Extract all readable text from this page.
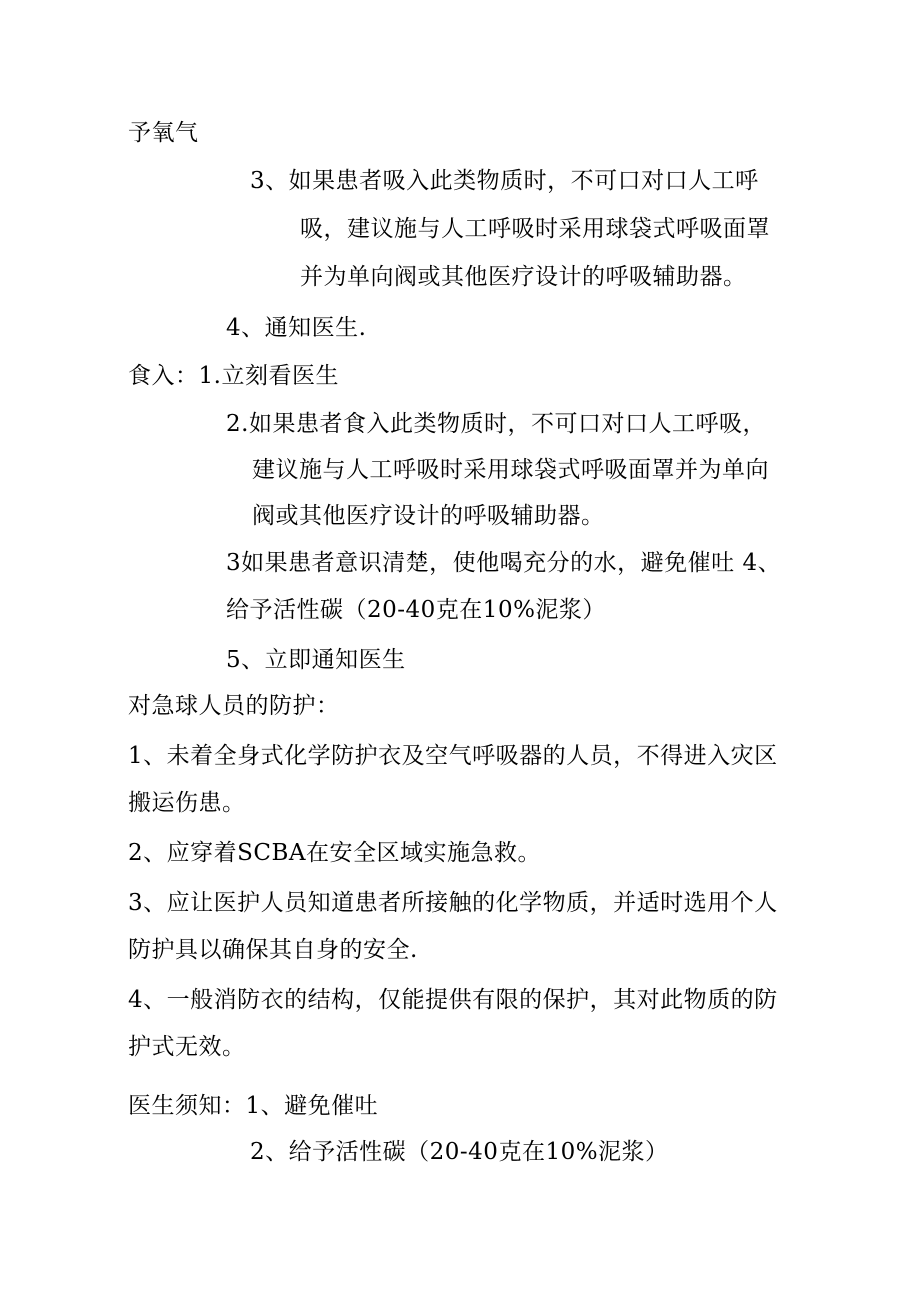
予氧气
3、如果患者吸入此类物质时，不可口对口人工呼
吸，建议施与人工呼吸时采用球袋式呼吸面罩
并为单向阀或其他医疗设计的呼吸辅助器。
4、通知医生.
食入：1.立刻看医生
2.如果患者食入此类物质时，不可口对口人工呼吸，
建议施与人工呼吸时采用球袋式呼吸面罩并为单向
阀或其他医疗设计的呼吸辅助器。
3如果患者意识清楚，使他喝充分的水，避免催吐 4、
给予活性碳（20-40克在10%泥浆）
5、立即通知医生
对急球人员的防护：
1、未着全身式化学防护衣及空气呼吸器的人员，不得进入灾区
搬运伤患。
2、应穿着SCBA在安全区域实施急救。
3、应让医护人员知道患者所接触的化学物质，并适时选用个人
防护具以确保其自身的安全.
4、一般消防衣的结构，仅能提供有限的保护，其对此物质的防
护式无效。
医生须知：1、避免催吐
2、给予活性碳（20-40克在10%泥浆）
